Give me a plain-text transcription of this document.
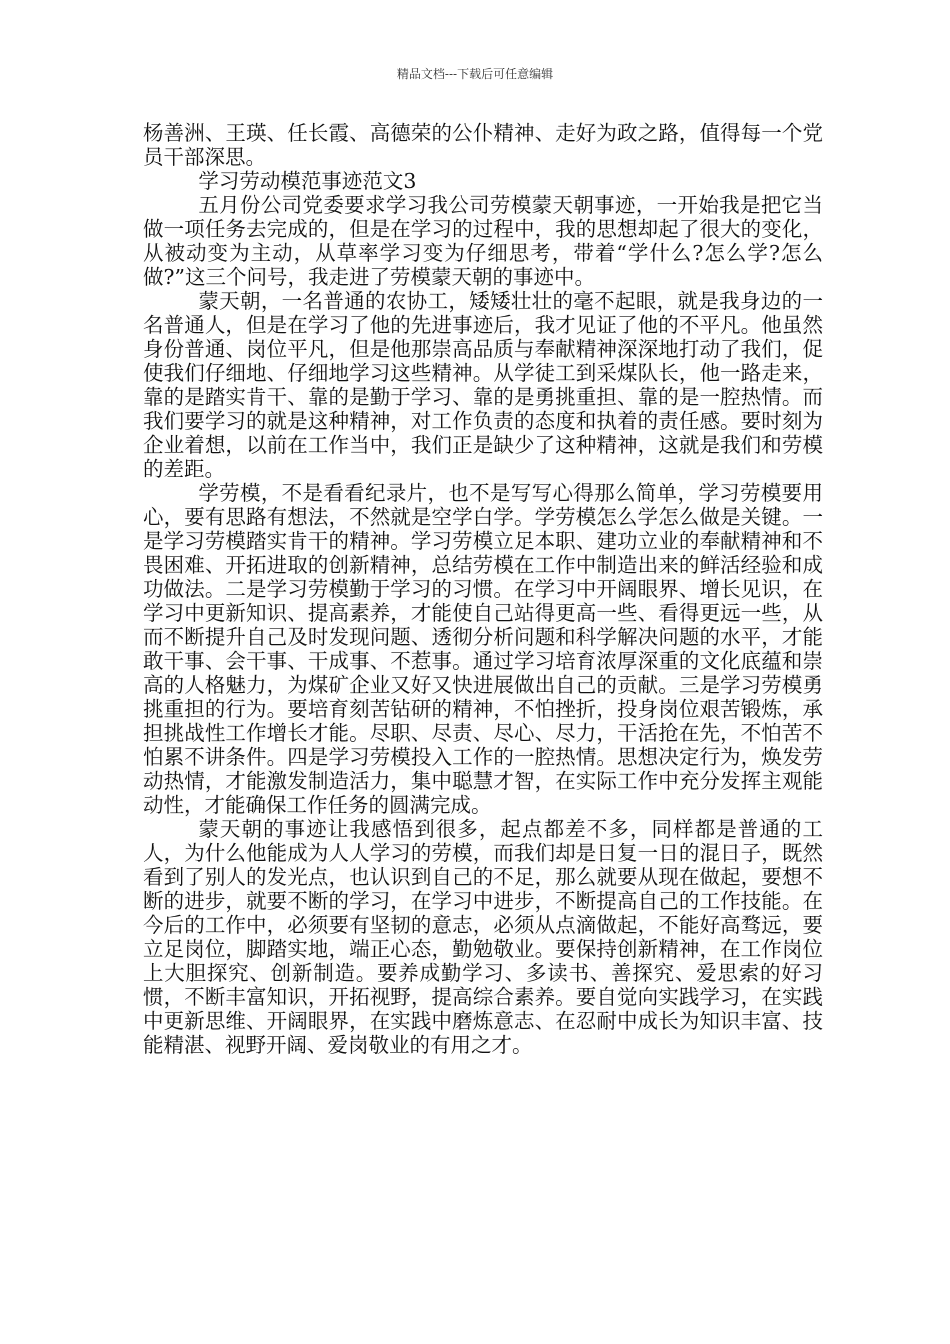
精品文档---下载后可任意编辑

杨善洲、王瑛、任长霞、高德荣的公仆精神、走好为政之路，值得每一个党员干部深思。

学习劳动模范事迹范文3

五月份公司党委要求学习我公司劳模蒙天朝事迹，一开始我是把它当做一项任务去完成的，但是在学习的过程中，我的思想却起了很大的变化，从被动变为主动，从草率学习变为仔细思考，带着“学什么?怎么学?怎么做?”这三个问号，我走进了劳模蒙天朝的事迹中。

蒙天朝，一名普通的农协工，矮矮壮壮的毫不起眼，就是我身边的一名普通人，但是在学习了他的先进事迹后，我才见证了他的不平凡。他虽然身份普通、岗位平凡，但是他那崇高品质与奉献精神深深地打动了我们，促使我们仔细地、仔细地学习这些精神。从学徒工到采煤队长，他一路走来，靠的是踏实肯干、靠的是勤于学习、靠的是勇挑重担、靠的是一腔热情。而我们要学习的就是这种精神，对工作负责的态度和执着的责任感。要时刻为企业着想，以前在工作当中，我们正是缺少了这种精神，这就是我们和劳模的差距。

学劳模，不是看看纪录片，也不是写写心得那么简单，学习劳模要用心，要有思路有想法，不然就是空学白学。学劳模怎么学怎么做是关键。一是学习劳模踏实肯干的精神。学习劳模立足本职、建功立业的奉献精神和不畏困难、开拓进取的创新精神，总结劳模在工作中制造出来的鲜活经验和成功做法。二是学习劳模勤于学习的习惯。在学习中开阔眼界、增长见识，在学习中更新知识、提高素养，才能使自己站得更高一些、看得更远一些，从而不断提升自己及时发现问题、透彻分析问题和科学解决问题的水平，才能敢干事、会干事、干成事、不惹事。通过学习培育浓厚深重的文化底蕴和崇高的人格魅力，为煤矿企业又好又快进展做出自己的贡献。三是学习劳模勇挑重担的行为。要培育刻苦钻研的精神，不怕挫折，投身岗位艰苦锻炼，承担挑战性工作增长才能。尽职、尽责、尽心、尽力，干活抢在先，不怕苦不怕累不讲条件。四是学习劳模投入工作的一腔热情。思想决定行为，焕发劳动热情，才能激发制造活力，集中聪慧才智，在实际工作中充分发挥主观能动性，才能确保工作任务的圆满完成。

蒙天朝的事迹让我感悟到很多，起点都差不多，同样都是普通的工人，为什么他能成为人人学习的劳模，而我们却是日复一日的混日子，既然看到了别人的发光点，也认识到自己的不足，那么就要从现在做起，要想不断的进步，就要不断的学习，在学习中进步，不断提高自己的工作技能。在今后的工作中，必须要有坚韧的意志，必须从点滴做起，不能好高骛远，要立足岗位，脚踏实地，端正心态，勤勉敬业。要保持创新精神，在工作岗位上大胆探究、创新制造。要养成勤学习、多读书、善探究、爱思索的好习惯，不断丰富知识，开拓视野，提高综合素养。要自觉向实践学习，在实践中更新思维、开阔眼界，在实践中磨炼意志、在忍耐中成长为知识丰富、技能精湛、视野开阔、爱岗敬业的有用之才。
